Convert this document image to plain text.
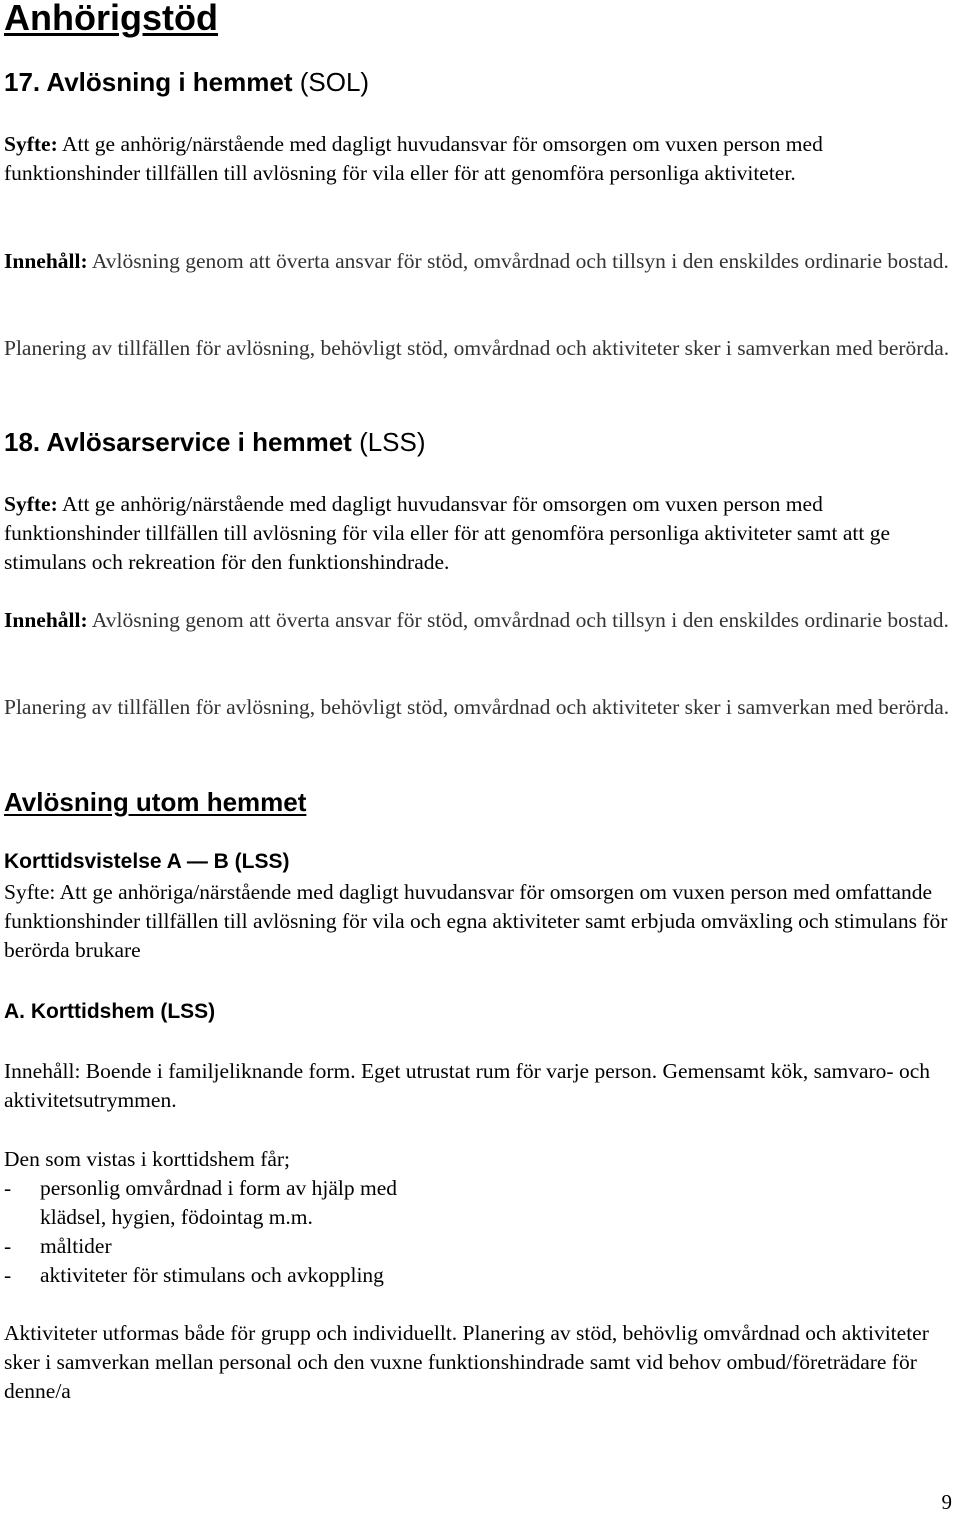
Anhörigstöd
17. Avlösning i hemmet (SOL)

Syfte: Att ge anhörig/närstående med dagligt huvudansvar för omsorgen om vuxen person med funktionshinder tillfällen till avlösning för vila eller för att genomföra personliga aktiviteter.

Innehåll: Avlösning genom att överta ansvar för stöd, omvårdnad och tillsyn i den enskildes ordinarie bostad.

Planering av tillfällen för avlösning, behövligt stöd, omvårdnad och aktiviteter sker i samverkan med berörda.

18. Avlösarservice i hemmet (LSS)

Syfte: Att ge anhörig/närstående med dagligt huvudansvar för omsorgen om vuxen person med funktionshinder tillfällen till avlösning för vila eller för att genomföra personliga aktiviteter samt att ge stimulans och rekreation för den funktionshindrade.

Innehåll: Avlösning genom att överta ansvar för stöd, omvårdnad och tillsyn i den enskildes ordinarie bostad.

Planering av tillfällen för avlösning, behövligt stöd, omvårdnad och aktiviteter sker i samverkan med berörda.

Avlösning utom hemmet
Korttidsvistelse A — B (LSS)

Syfte: Att ge anhöriga/närstående med dagligt huvudansvar för omsorgen om vuxen person med omfattande funktionshinder tillfällen till avlösning för vila och egna aktiviteter samt erbjuda omväxling och stimulans för berörda brukare

A. Korttidshem (LSS)

Innehåll: Boende i familjeliknande form. Eget utrustat rum för varje person. Gemensamt kök, samvaro- och aktivitetsutrymmen.

Den som vistas i korttidshem får;

-	personlig omvårdnad i form av hjälp med
klädsel, hygien, födointag m.m.
-	måltider
-	aktiviteter för stimulans och avkoppling

Aktiviteter utformas både för grupp och individuellt. Planering av stöd, behövlig omvårdnad och aktiviteter sker i samverkan mellan personal och den vuxne funktionshindrade samt vid behov ombud/företrädare för denne/a

9
